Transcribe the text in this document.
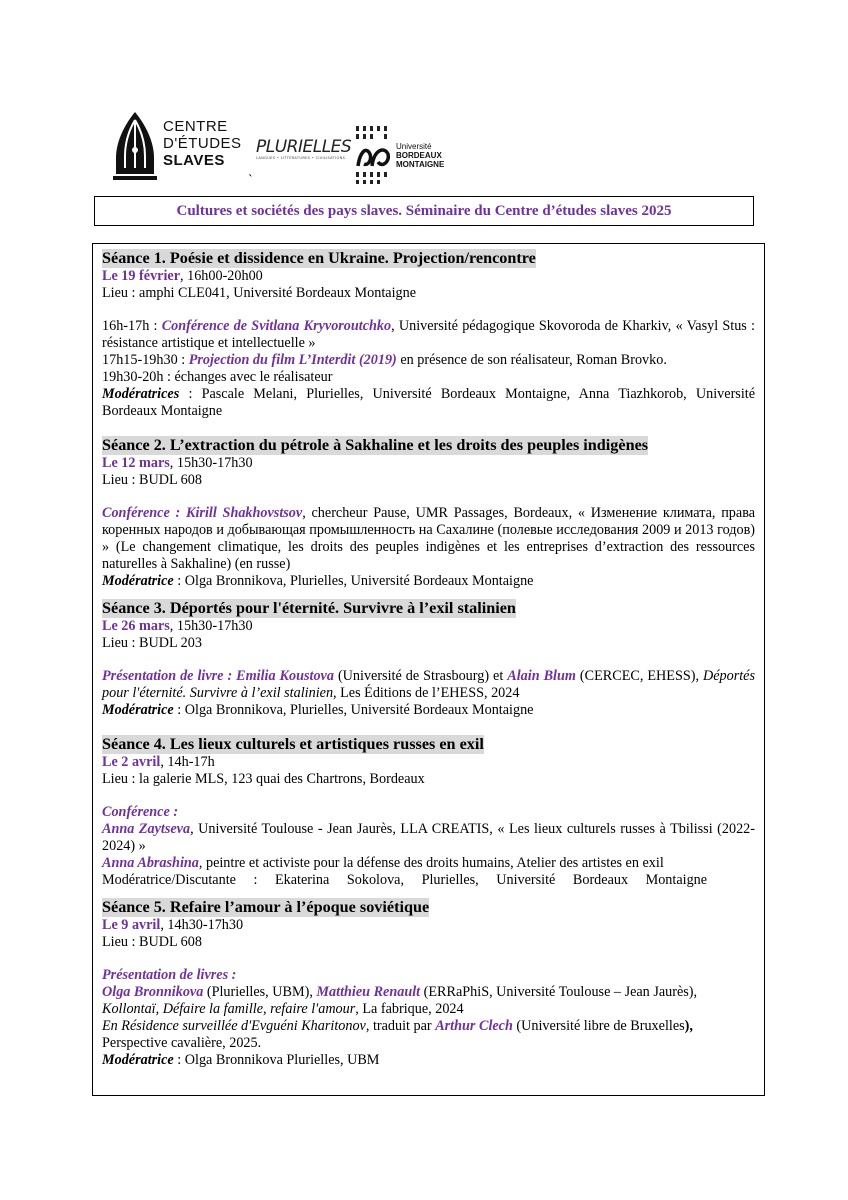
CENTRE
D'ÉTUDES
SLAVES
PLURIELLES
LANGUES • LITTÉRATURES • CIVILISATIONS
Université
BORDEAUX
MONTAIGNE
`
Cultures et sociétés des pays slaves. Séminaire du Centre d’études slaves 2025
Séance 1. Poésie et dissidence en Ukraine. Projection/rencontre

Le 19 février, 16h00-20h00

Lieu : amphi CLE041, Université Bordeaux Montaigne

16h-17h : Conférence de Svitlana Kryvoroutchko, Université pédagogique Skovoroda de Kharkiv, « Vasyl Stus : résistance artistique et intellectuelle »

17h15-19h30 : Projection du film L’Interdit (2019) en présence de son réalisateur, Roman Brovko.

19h30-20h : échanges avec le réalisateur

Modératrices : Pascale Melani, Plurielles, Université Bordeaux Montaigne, Anna Tiazhkorob, Université Bordeaux Montaigne

Séance 2. L’extraction du pétrole à Sakhaline et les droits des peuples indigènes

Le 12 mars, 15h30-17h30

Lieu : BUDL 608

Conférence : Kirill Shakhovstsov, chercheur Pause, UMR Passages, Bordeaux, « Изменение климата, права коренных народов и добывающая промышленность на Сахалине (полевые исследования 2009 и 2013 годов) » (Le changement climatique, les droits des peuples indigènes et les entreprises d’extraction des ressources naturelles à Sakhaline) (en russe)

Modératrice : Olga Bronnikova, Plurielles, Université Bordeaux Montaigne

Séance 3. Déportés pour l'éternité. Survivre à l’exil stalinien

Le 26 mars, 15h30-17h30

Lieu : BUDL 203

Présentation de livre : Emilia Koustova (Université de Strasbourg) et Alain Blum (CERCEC, EHESS), Déportés pour l'éternité. Survivre à l’exil stalinien, Les Éditions de l’EHESS, 2024

Modératrice : Olga Bronnikova, Plurielles, Université Bordeaux Montaigne

Séance 4. Les lieux culturels et artistiques russes en exil

Le 2 avril, 14h-17h

Lieu : la galerie MLS, 123 quai des Chartrons, Bordeaux

Conférence :

Anna Zaytseva, Université Toulouse - Jean Jaurès, LLA CREATIS, « Les lieux culturels russes à Tbilissi (2022-2024) »

Anna Abrashina, peintre et activiste pour la défense des droits humains, Atelier des artistes en exil

Modératrice/Discutante : Ekaterina Sokolova, Plurielles, Université Bordeaux Montaigne

Séance 5. Refaire l’amour à l’époque soviétique

Le 9 avril, 14h30-17h30

Lieu : BUDL 608

Présentation de livres :

Olga Bronnikova (Plurielles, UBM), Matthieu Renault (ERRaPhiS, Université Toulouse – Jean Jaurès),

Kollontaï, Défaire la famille, refaire l'amour, La fabrique, 2024

En Résidence surveillée d'Evguéni Kharitonov, traduit par Arthur Clech (Université libre de Bruxelles),

Perspective cavalière, 2025.

Modératrice : Olga Bronnikova Plurielles, UBM
